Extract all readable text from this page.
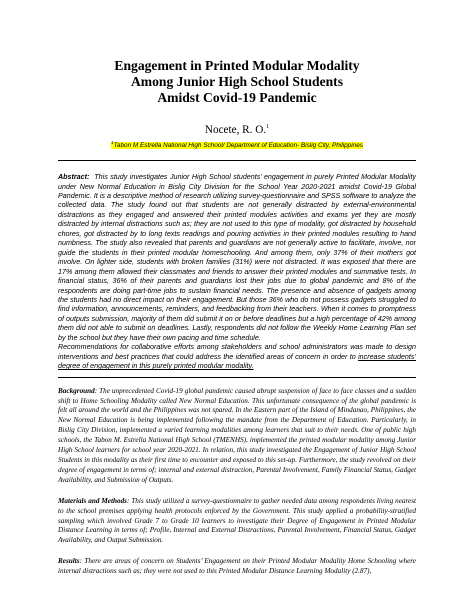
Engagement in Printed Modular Modality
Among Junior High School Students
Amidst Covid-19 Pandemic
Nocete, R. O.$^1$
$^1$Tabon M Estrella National High School/ Department of Education- Bislig City, Philippines

Abstract: This study investigates Junior High School students’ engagement in purely Printed Modular Modality under New Normal Education in Bislig City Division for the School Year 2020-2021 amidst Covid-19 Global Pandemic. It is a descriptive method of research utilizing survey-questionnaire and SPSS software to analyze the collected data. The study found out that students are not generally distracted by external-environmental distractions as they engaged and answered their printed modules activities and exams yet they are mostly distracted by internal distractions such as; they are not used to this type of modality, got distracted by household chores, got distracted by to long texts readings and pouring activities in their printed modules resulting to hand numbness. The study also revealed that parents and guardians are not generally active to facilitate, involve, nor guide the students in their printed modular homeschooling. And among them, only 37% of their mothers got involve. On lighter side, students with broken families (31%) were not distracted. It was exposed that there are 17% among them allowed their classmates and friends to answer their printed modules and summative tests. In financial status, 36% of their parents and guardians lost their jobs due to global pandemic and 8% of the respondents are doing part-time jobs to sustain financial needs. The presence and absence of gadgets among the students had no direct impact on their engagement. But those 36% who do not possess gadgets struggled to find information, announcements, reminders, and feedbacking from their teachers. When it comes to promptness of outputs submission, majority of them did submit it on or before deadlines but a high percentage of 42% among them did not able to submit on deadlines. Lastly, respondents did not follow the Weekly Home Learning Plan set by the school but they have their own pacing and time schedule.

Recommendations for collaborative efforts among stakeholders and school administrators was made to design interventions and best practices that could address the identified areas of concern in order to increase students’ degree of engagement in this purely printed modular modality.

Background: The unprecedented Covid-19 global pandemic caused abrupt suspension of face to face classes and a sudden shift to Home Schooling Modality called New Normal Education. This unfortunate consequence of the global pandemic is felt all around the world and the Philippines was not spared. In the Eastern part of the Island of Mindanao, Philippines, the New Normal Education is being implemented following the mandate from the Department of Education. Particularly, in Bislig City Division, implemented a varied learning modalities among learners that suit to their needs. One of public high schools, the Tabon M. Estrella National High School (TMENHS), implemented the printed modular modality among Junior High School learners for school year 2020-2021. In relation, this study investigated the Engagement of Junior High School Students in this modality as their first time to encounter and exposed to this set-up. Furthermore, the study revolved on their degree of engagement in terms of; internal and external distraction, Parental Involvement, Family Financial Status, Gadget Availability, and Submission of Outputs.
Materials and Methods: This study utilized a survey-questionnaire to gather needed data among respondents living nearest to the school premises applying health protocols enforced by the Government. This study applied a probability-stratified sampling which involved Grade 7 to Grade 10 learners to investigate their Degree of Engagement in Printed Modular Distance Learning in terms of; Profile, Internal and External Distractions, Parental Involvement, Financial Status, Gadget Availability, and Output Submission.
Results: There are areas of concern on Students’ Engagement on their Printed Modular Modality Home Schooling where internal distractions such as; they were not used to this Printed Modular Distance Learning Modality (2.87),
